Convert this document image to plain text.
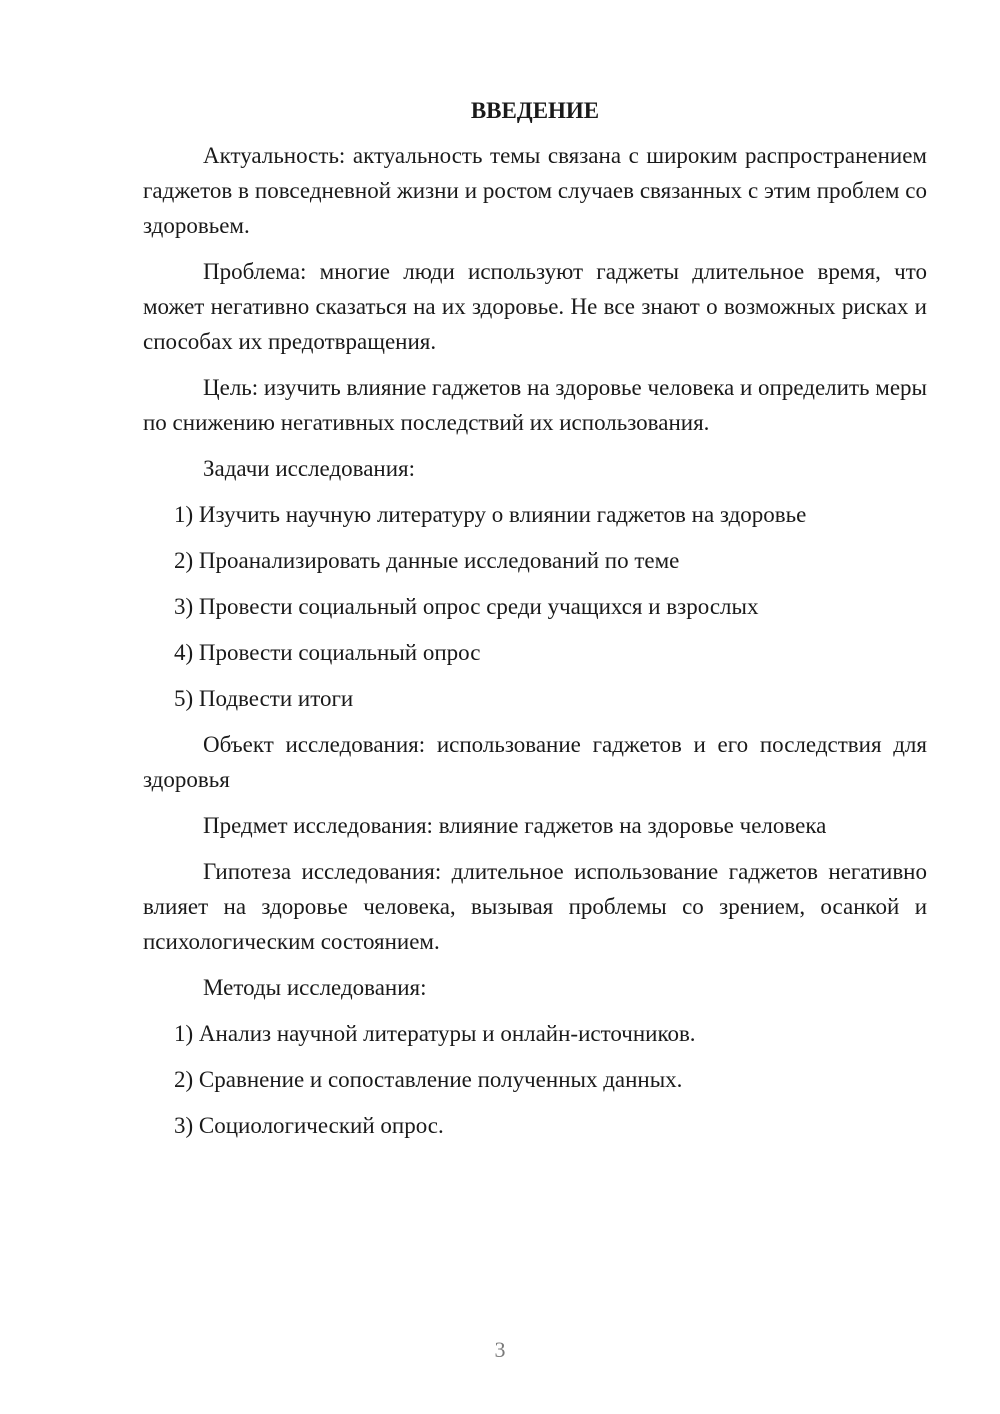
ВВЕДЕНИЕ
Актуальность: актуальность темы связана с широким распространением гаджетов в повседневной жизни и ростом случаев связанных с этим проблем со здоровьем.
Проблема: многие люди используют гаджеты длительное время, что может негативно сказаться на их здоровье. Не все знают о возможных рисках и способах их предотвращения.
Цель: изучить влияние гаджетов на здоровье человека и определить меры по снижению негативных последствий их использования.
Задачи исследования:
1) Изучить научную литературу о влиянии гаджетов на здоровье
2) Проанализировать данные исследований по теме
3) Провести социальный опрос среди учащихся и взрослых
4) Провести социальный опрос
5) Подвести итоги
Объект исследования: использование гаджетов и его последствия для здоровья
Предмет исследования: влияние гаджетов на здоровье человека
Гипотеза исследования: длительное использование гаджетов негативно влияет на здоровье человека, вызывая проблемы со зрением, осанкой и психологическим состоянием.
Методы исследования:
1) Анализ научной литературы и онлайн-источников.
2) Сравнение и сопоставление полученных данных.
3) Социологический опрос.
3
